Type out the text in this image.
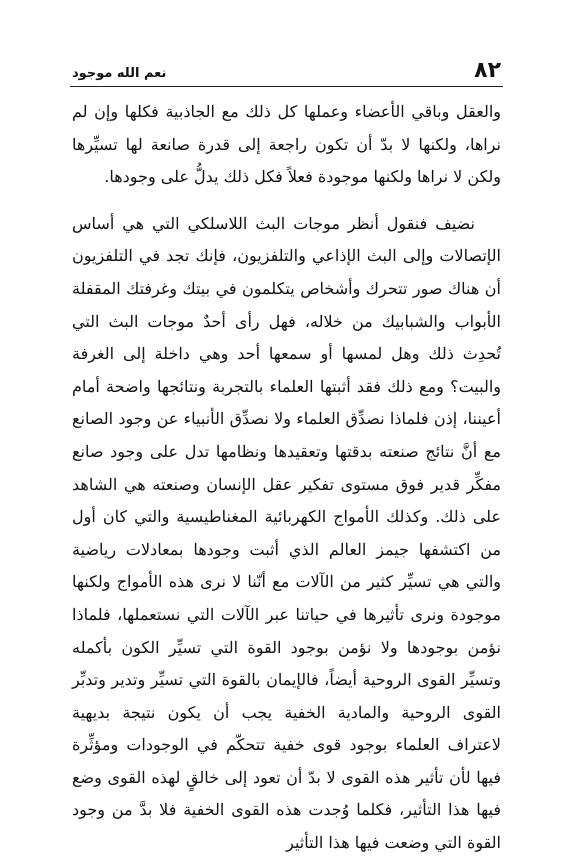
٨٢
نعم الله موجود

والعقل وباقي الأعضاء وعملها كل ذلك مع الجاذبية فكلها وإن لم نراها، ولكنها لا بدّ أن تكون راجعة إلى قدرة صانعة لها تسيِّرها ولكن لا نراها ولكنها موجودة فعلاً فكل ذلك يدلُّ على وجودها.

نضيف فنقول أنظر موجات البث اللاسلكي التي هي أساس الإتصالات وإلى البث الإذاعي والتلفزيون، فإنك تجد في التلفزيون أن هناك صور تتحرك وأشخاص يتكلمون في بيتك وغرفتك المقفلة الأبواب والشبابيك من خلاله، فهل رأى أحدٌ موجات البث التي تُحدِث ذلك وهل لمسها أو سمعها أحد وهي داخلة إلى الغرفة والبيت؟ ومع ذلك فقد أثبتها العلماء بالتجربة ونتائجها واضحة أمام أعيننا، إذن فلماذا نصدِّق العلماء ولا نصدِّق الأنبياء عن وجود الصانع مع أنَّ نتائج صنعته بدقتها وتعقيدها ونظامها تدل على وجود صانع مفكِّر قدير فوق مستوى تفكير عقل الإنسان وصنعته هي الشاهد على ذلك. وكذلك الأمواج الكهربائية المغناطيسية والتي كان أول من اكتشفها جيمز العالم الذي أثبت وجودها بمعادلات رياضية والتي هي تسيِّر كثير من الآلات مع أنّنا لا نرى هذه الأمواج ولكنها موجودة ونرى تأثيرها في حياتنا عبر الآلات التي نستعملها، فلماذا نؤمن بوجودها ولا نؤمن بوجود القوة التي تسيِّر الكون بأكمله وتسيِّر القوى الروحية أيضاً، فالإيمان بالقوة التي تسيِّر وتدير وتدبِّر القوى الروحية والمادية الخفية يجب أن يكون نتيجة بديهية لاعتراف العلماء بوجود قوى خفية تتحكّم في الوجودات ومؤثِّرة فيها لأن تأثير هذه القوى لا بدّ أن تعود إلى خالقٍ لهذه القوى وضع فيها هذا التأثير، فكلما وُجدت هذه القوى الخفية فلا بدَّ من وجود القوة التي وضعت فيها هذا التأثير
